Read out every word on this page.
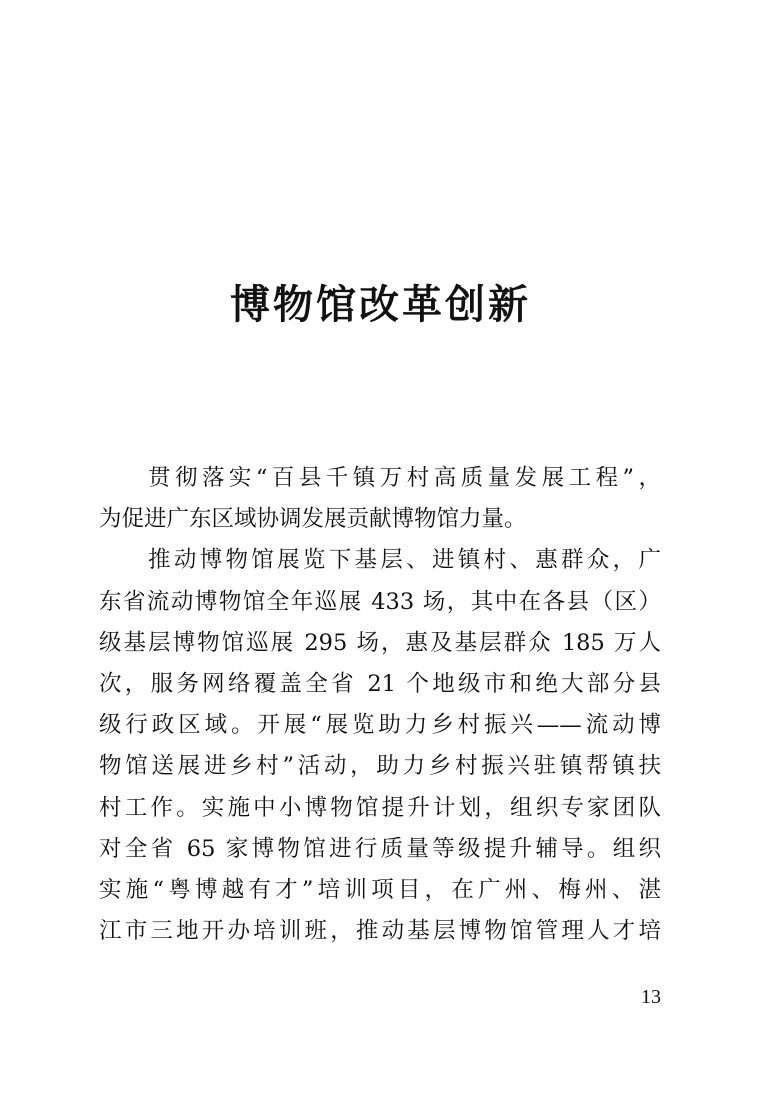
博物馆改革创新
贯彻落实“百县千镇万村高质量发展工程”，
为促进广东区域协调发展贡献博物馆力量。
推动博物馆展览下基层、进镇村、惠群众，广
东省流动博物馆全年巡展 433 场，其中在各县（区）
级基层博物馆巡展 295 场，惠及基层群众 185 万人
次，服务网络覆盖全省 21 个地级市和绝大部分县
级行政区域。开展“展览助力乡村振兴——流动博
物馆送展进乡村”活动，助力乡村振兴驻镇帮镇扶
村工作。实施中小博物馆提升计划，组织专家团队
对全省 65 家博物馆进行质量等级提升辅导。组织
实施“粤博越有才”培训项目，在广州、梅州、湛
江市三地开办培训班，推动基层博物馆管理人才培
13
